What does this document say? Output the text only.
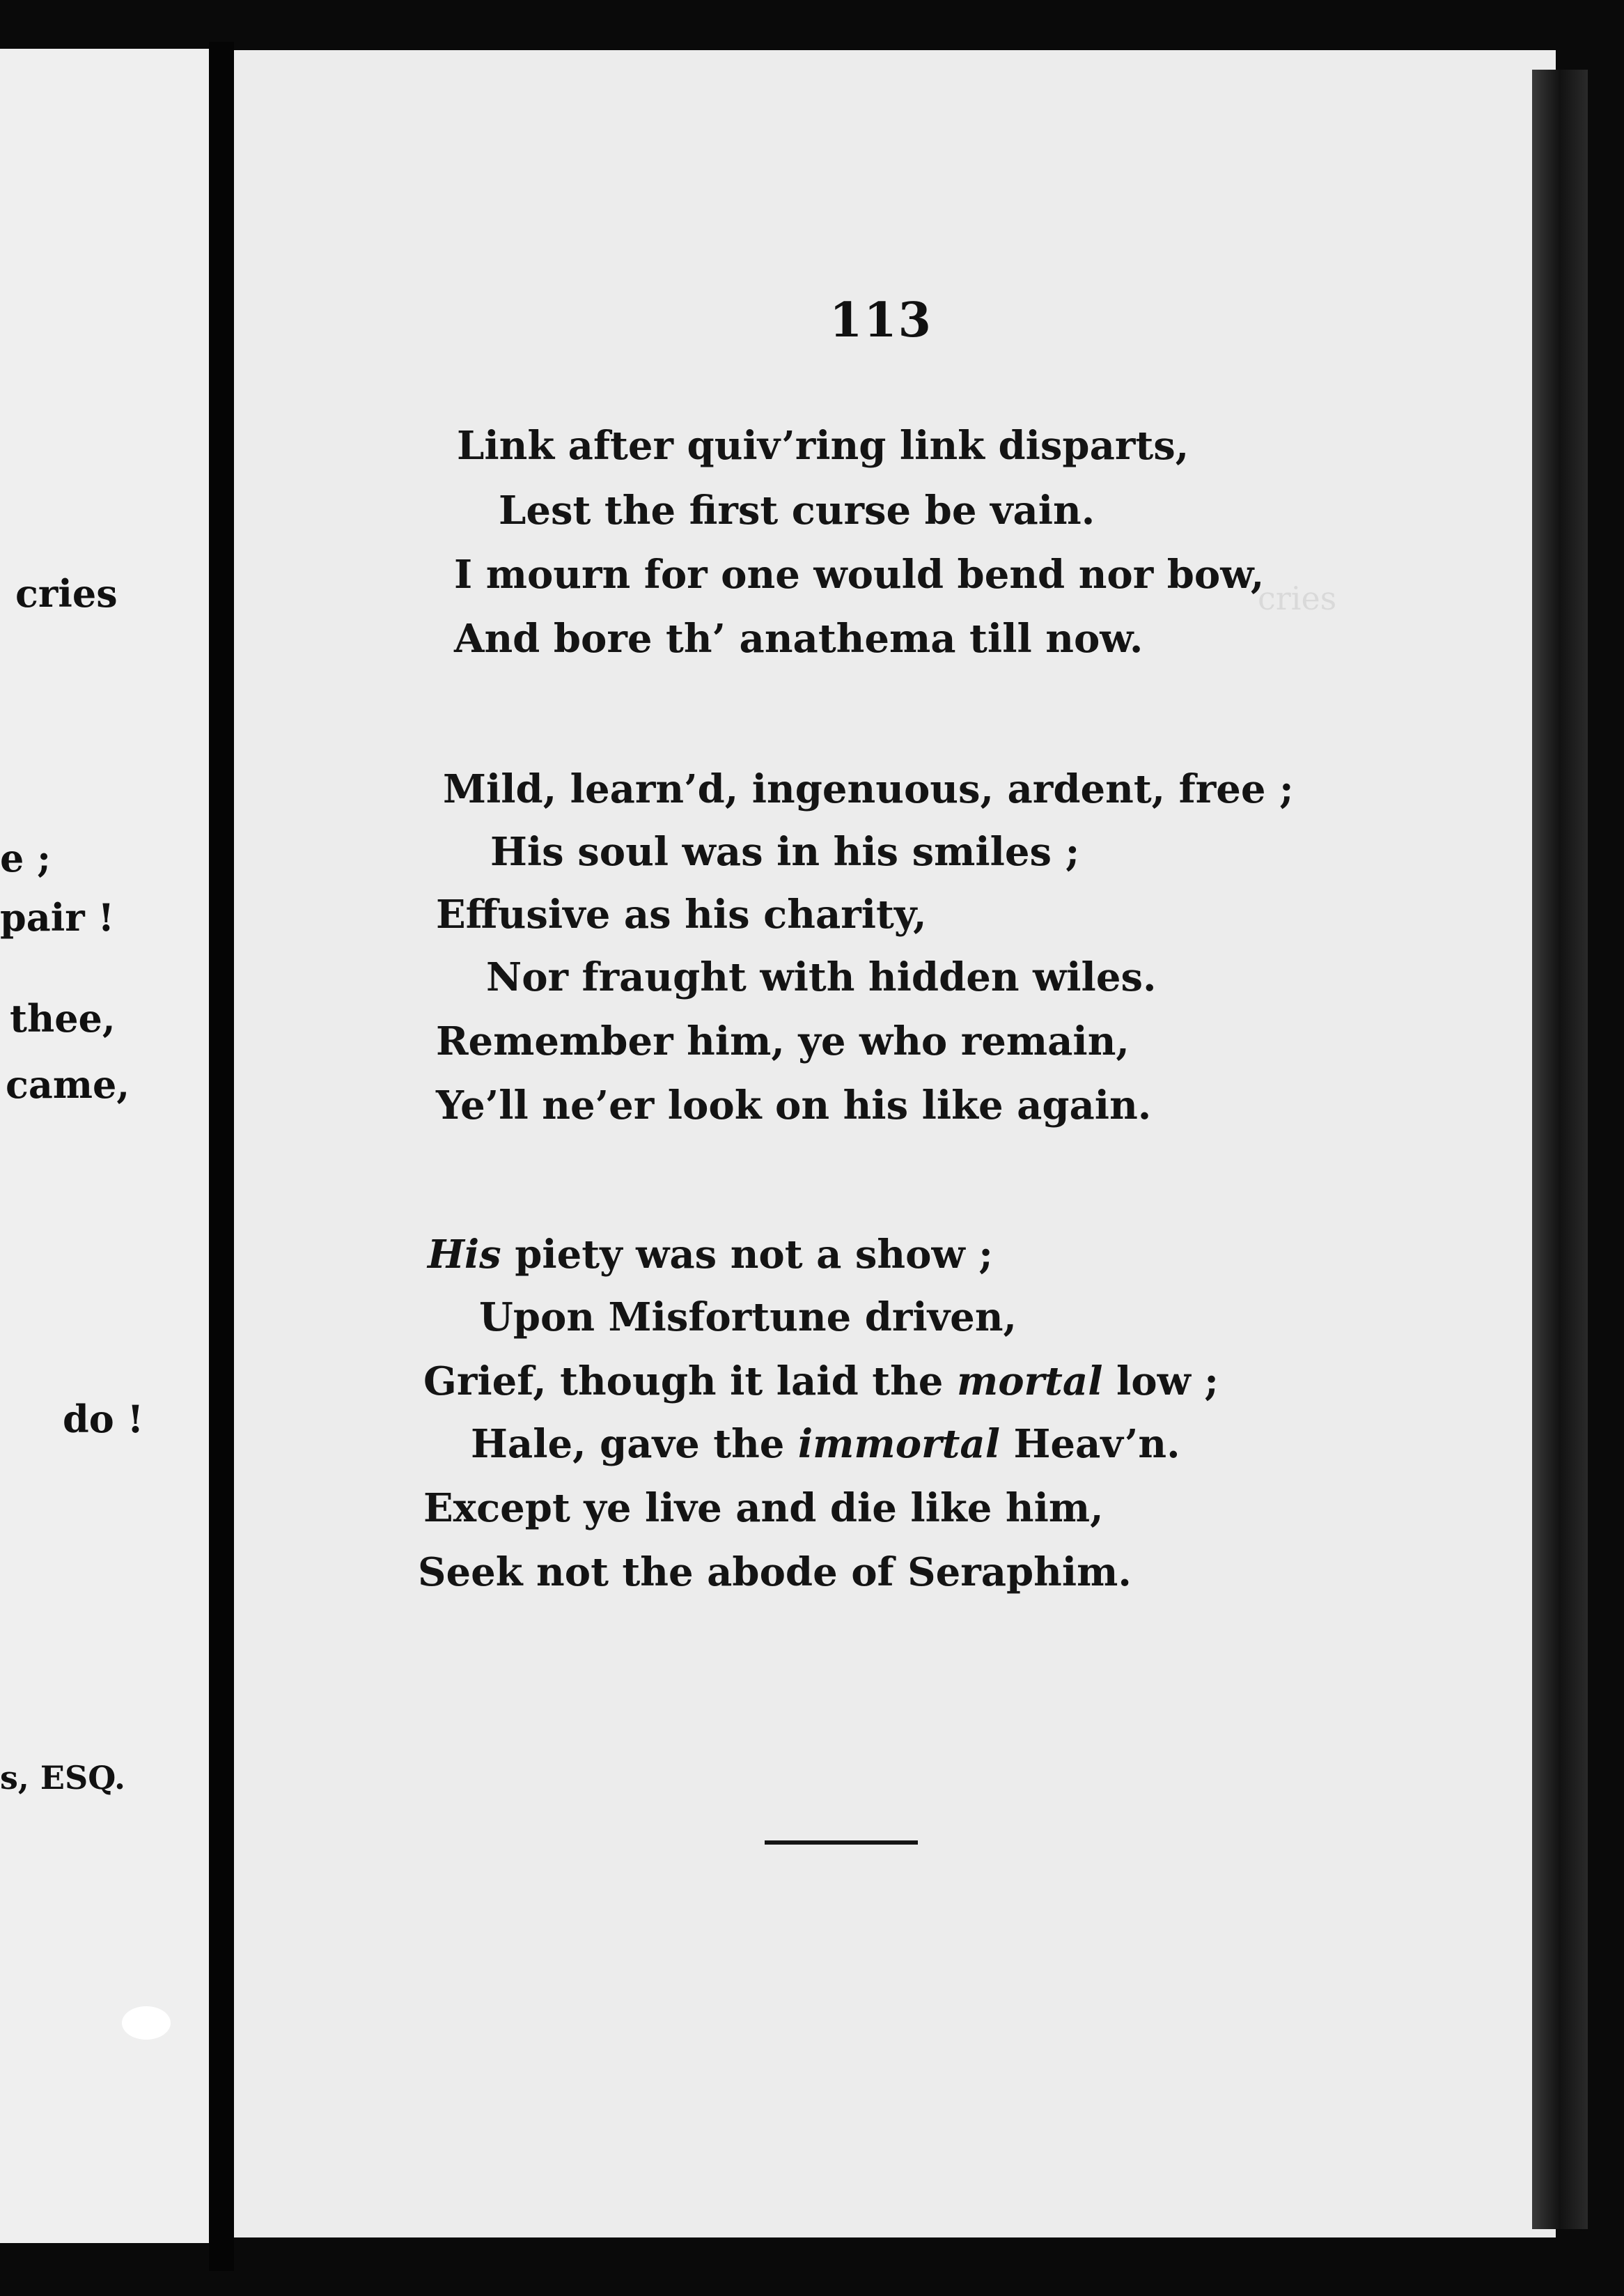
cries
e ;
pair !
thee,
came,
do !
s, ESQ.
113
cries
Link after quiv’ring link disparts,
Lest the first curse be vain.
I mourn for one would bend nor bow,
And bore th’ anathema till now.
Mild, learn’d, ingenuous, ardent, free ;
His soul was in his smiles ;
Effusive as his charity,
Nor fraught with hidden wiles.
Remember him, ye who remain,
Ye’ll ne’er look on his like again.
His piety was not a show ;
Upon Misfortune driven,
Grief, though it laid the mortal low ;
Hale, gave the immortal Heav’n.
Except ye live and die like him,
Seek not the abode of Seraphim.
